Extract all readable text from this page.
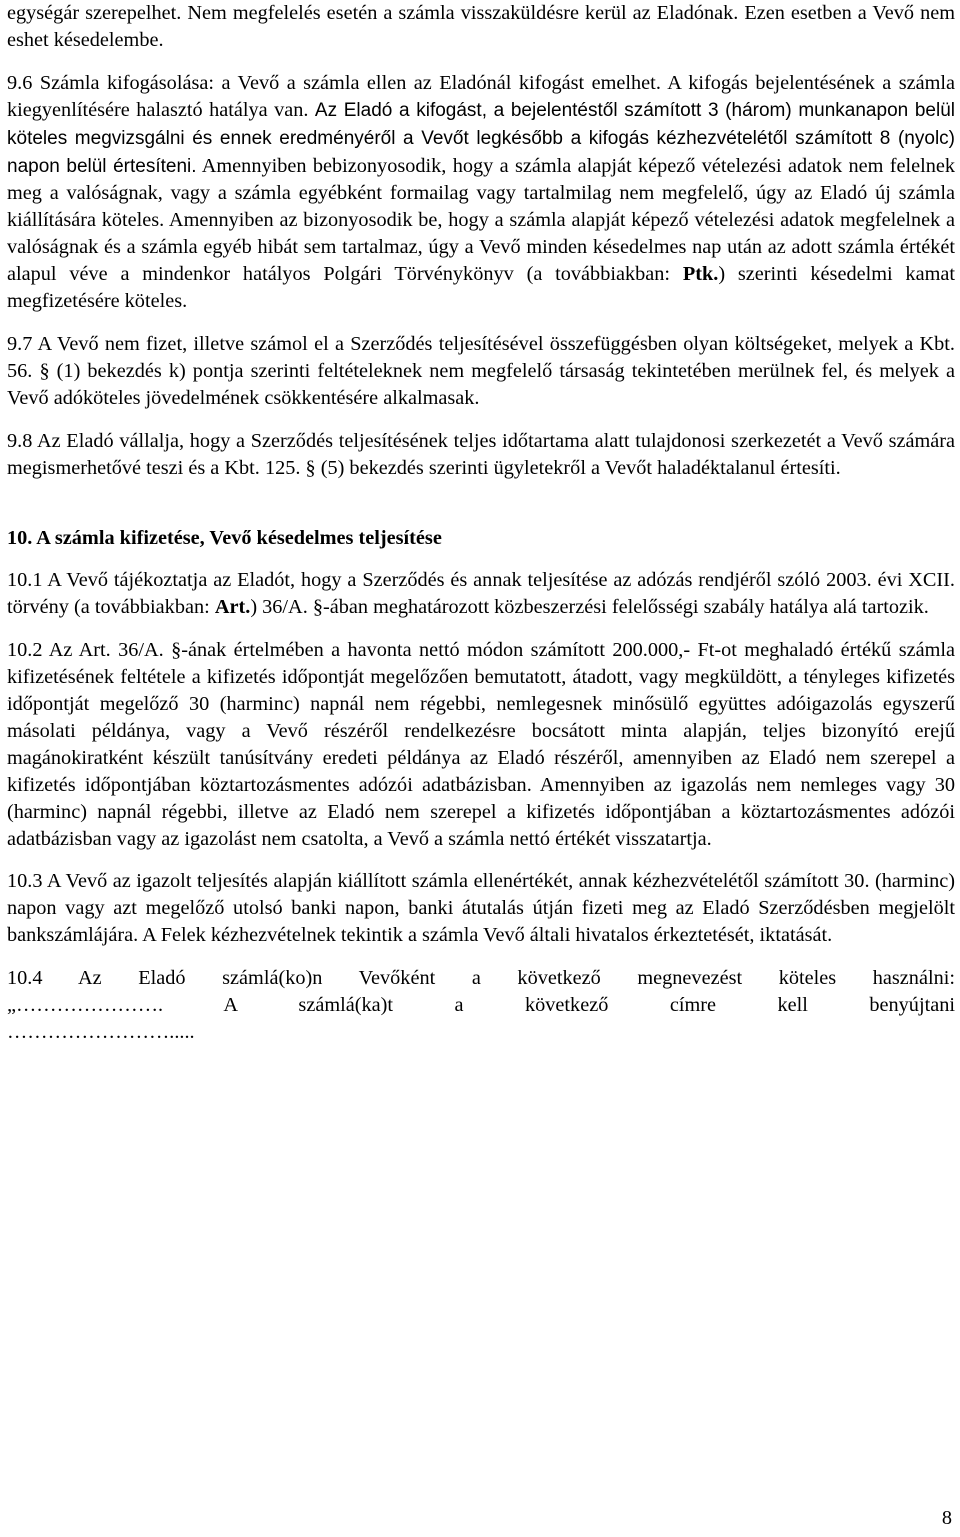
egységár szerepelhet. Nem megfelelés esetén a számla visszaküldésre kerül az Eladónak. Ezen esetben a Vevő nem eshet késedelembe.

9.6 Számla kifogásolása: a Vevő a számla ellen az Eladónál kifogást emelhet. A kifogás bejelentésének a számla kiegyenlítésére halasztó hatálya van. Az Eladó a kifogást, a bejelentéstől számított 3 (három) munkanapon belül köteles megvizsgálni és ennek eredményéről a Vevőt legkésőbb a kifogás kézhezvételétől számított 8 (nyolc) napon belül értesíteni. Amennyiben bebizonyosodik, hogy a számla alapját képező vételezési adatok nem felelnek meg a valóságnak, vagy a számla egyébként formailag vagy tartalmilag nem megfelelő, úgy az Eladó új számla kiállítására köteles. Amennyiben az bizonyosodik be, hogy a számla alapját képező vételezési adatok megfelelnek a valóságnak és a számla egyéb hibát sem tartalmaz, úgy a Vevő minden késedelmes nap után az adott számla értékét alapul véve a mindenkor hatályos Polgári Törvénykönyv (a továbbiakban: Ptk.) szerinti késedelmi kamat megfizetésére köteles.

9.7 A Vevő nem fizet, illetve számol el a Szerződés teljesítésével összefüggésben olyan költségeket, melyek a Kbt. 56. § (1) bekezdés k) pontja szerinti feltételeknek nem megfelelő társaság tekintetében merülnek fel, és melyek a Vevő adóköteles jövedelmének csökkentésére alkalmasak.

9.8 Az Eladó vállalja, hogy a Szerződés teljesítésének teljes időtartama alatt tulajdonosi szerkezetét a Vevő számára megismerhetővé teszi és a Kbt. 125. § (5) bekezdés szerinti ügyletekről a Vevőt haladéktalanul értesíti.

10. A számla kifizetése, Vevő késedelmes teljesítése

10.1 A Vevő tájékoztatja az Eladót, hogy a Szerződés és annak teljesítése az adózás rendjéről szóló 2003. évi XCII. törvény (a továbbiakban: Art.) 36/A. §-ában meghatározott közbeszerzési felelősségi szabály hatálya alá tartozik.

10.2 Az Art. 36/A. §-ának értelmében a havonta nettó módon számított 200.000,- Ft-ot meghaladó értékű számla kifizetésének feltétele a kifizetés időpontját megelőzően bemutatott, átadott, vagy megküldött, a tényleges kifizetés időpontját megelőző 30 (harminc) napnál nem régebbi, nemlegesnek minősülő együttes adóigazolás egyszerű másolati példánya, vagy a Vevő részéről rendelkezésre bocsátott minta alapján, teljes bizonyító erejű magánokiratként készült tanúsítvány eredeti példánya az Eladó részéről, amennyiben az Eladó nem szerepel a kifizetés időpontjában köztartozásmentes adózói adatbázisban. Amennyiben az igazolás nem nemleges vagy 30 (harminc) napnál régebbi, illetve az Eladó nem szerepel a kifizetés időpontjában a köztartozásmentes adózói adatbázisban vagy az igazolást nem csatolta, a Vevő a számla nettó értékét visszatartja.

10.3 A Vevő az igazolt teljesítés alapján kiállított számla ellenértékét, annak kézhezvételétől számított 30. (harminc) napon vagy azt megelőző utolsó banki napon, banki átutalás útján fizeti meg az Eladó Szerződésben megjelölt bankszámlájára. A Felek kézhezvételnek tekintik a számla Vevő általi hivatalos érkeztetését, iktatását.

10.4 Az Eladó számlá(ko)n Vevőként a következő megnevezést köteles használni:

„…………………. A számlá(ka)t a következő címre kell benyújtani

…………………….....

8
